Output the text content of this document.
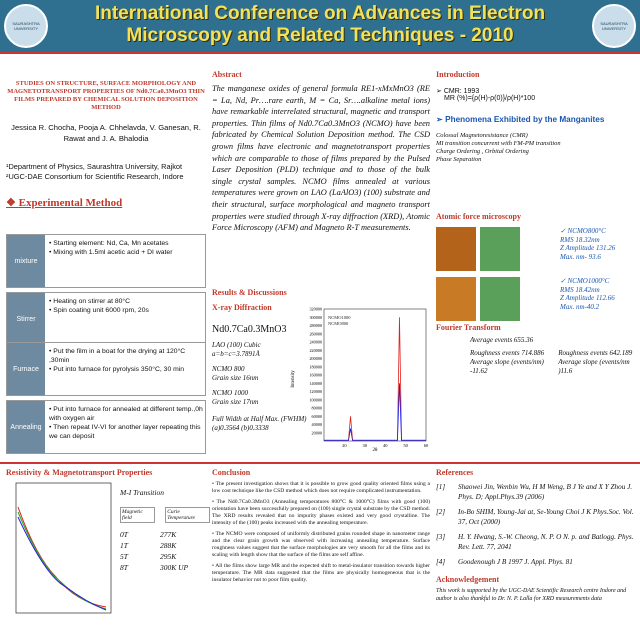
SAURASHTRA UNIVERSITY
International Conference on Advances in Electron
Microscopy and Related Techniques - 2010
SAURASHTRA UNIVERSITY
STUDIES ON STRUCTURE, SURFACE MORPHOLOGY AND MAGNETOTRANSPORT PROPERTIES OF Nd0.7Ca0.3MnO3 THIN FILMS PREPARED BY CHEMICAL SOLUTION DEPOSITION METHOD
Jessica R. Chocha, Pooja A. Chhelavda, V. Ganesan, R. Rawat and J. A. Bhalodia
¹Department of Physics, Saurashtra University, Rajkot
²UGC-DAE Consortium for Scientific Research, Indore
❖ Experimental Method
mixture
• Starting element: Nd, Ca, Mn acetates
• Mixing with 1.5ml acetic acid + DI water
Stirrer
• Heating on stirrer at 80°C
• Spin coating unit 6000 rpm, 20s
Furnace
• Put the film in a boat for the drying at 120°C ,30min
• Put into furnace for pyrolysis 350°C, 30 min
Annealing
• Put into furnace for annealed at different temp.,0h with oxygen air
• Then repeat IV-VI for another layer repeating this we can deposit
Abstract

The manganese oxides of general formula RE1-xMxMnO3 (RE = La, Nd, Pr….rare earth, M = Ca, Sr….alkaline metal ions) have remarkable interrelated structural, magnetic and transport properties. Thin films of Nd0.7Ca0.3MnO3 (NCMO) have been fabricated by Chemical Solution Deposition method. The CSD grown films have electronic and magnetotransport properties which are comparable to those of films prepared by the Pulsed Laser Deposition (PLD) technique and to those of the bulk single crystal samples. NCMO films annealed at various temperatures were grown on LAO (LaAlO3) (100) substrate and their structural, surface morphological and magneto transport properties were studied through X-ray diffraction (XRD), Atomic Force Microscopy (AFM) and Magneto R-T measurements.

Results & Discussions
X-ray Diffraction
Nd0.7Ca0.3MnO3
LAO (100) Cubic
a=b=c=3.7891Å
NCMO 800
Grain size 16nm
NCMO 1000
Grain size 17nm
Full Width at Half Max. (FWHM)
(a)0.3564 (b)0.3338
20000
40000
60000
80000
100000
120000
140000
160000
180000
200000
220000
240000
260000
280000
300000
320000
20	30	40	50	60
Intensity
2θ
NCMO1000
NCMO800
Introduction
➢ CMR: 1993
MR (%)={ρ(H)-ρ(0)}/ρ(H)*100
➢ Phenomena Exhibited by the Manganites
Colossal Magnetoresistance (CMR)
MI transition concurrent with FM-PM transition
Charge Ordering , Orbital Ordering
Phase Separation
Atomic force microscopy
✓ NCMO800°C
RMS 18.32nm
Z Amplitude 131.26
Max. nm- 93.6
✓ NCMO1000°C
RMS 18.42nm
Z Amplitude 112.66
Max. nm-40.2
Fourier Transform
Average events 655.36
Roughness events 714.886
Average slope (events/nm) -11.62
Roughness events 642.189
Average slope (events/nm )11.6
Resistivity & Magnetotransport Properties
M-I Transition
Magnetic field
Curie Temperature
0T	277K
1T	288K
5T	295K
8T	300K UP
Conclusion
• The present investigation shows that it is possible to grow good quality oriented films using a low cost technique like the CSD method which does not require complicated instrumentation.
• The Nd0.7Ca0.3MnO3 (Annealing temperatures 800°C & 1000°C) films with good (100) orientation have been successfully prepared on (100) single crystal substrate by the CSD method. The XRD results revealed that no impurity phases existed and very good crystalline. The intensity of the (100) peaks increased with the annealing temperature.
• The NCMO were composed of uniformly distributed grains rounded shape in nanometer range and the clear grain growth was observed with increasing annealing temperature. Surface roughness values suggest that the surface morphologies are very smooth for all the films and its scaling with length show that the surface of the films are self affine.
• All the films show large MR and the expected shift to metal-insulator transition towards higher temperature. The MR data suggested that the films are physically homogeneous that is the insulator behavior not to poor film quality.
References
[1]	Shaowei Jin, Wenbin Wu, H M Weng, B J Ye and X Y Zhou J. Phys. D; Appl.Phys.39 (2006)
[2]	In-Bo SHIM, Young-Jai at, Se-Young Choi J K Phys.Soc. Vol. 37, Oct (2000)
[3]	H. Y. Hwang, S.-W. Cheong, N. P. O N. p. and Batlogg. Phys. Rev. Lett. 77, 2041
[4]	Goodenough J B 1997 J. Appl. Phys. 81
Acknowledgement
This work is supported by the UGC-DAE Scientific Research centre Indore and author is also thankful to Dr. N. P. Lalla for XRD measurements data
